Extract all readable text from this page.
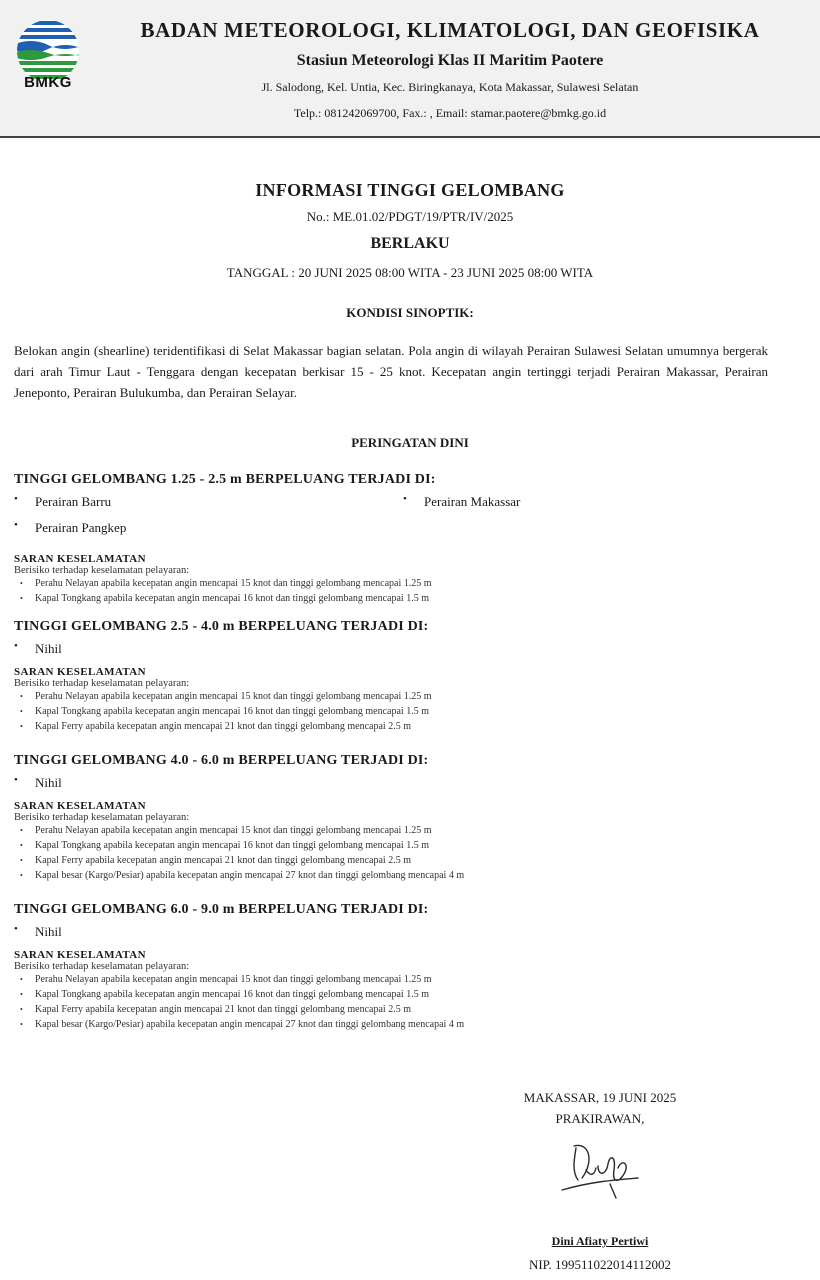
BMKG
BADAN METEOROLOGI, KLIMATOLOGI, DAN GEOFISIKA
Stasiun Meteorologi Klas II Maritim Paotere
Jl. Salodong, Kel. Untia, Kec. Biringkanaya, Kota Makassar, Sulawesi Selatan
Telp.: 081242069700, Fax.: , Email: stamar.paotere@bmkg.go.id
INFORMASI TINGGI GELOMBANG
No.: ME.01.02/PDGT/19/PTR/IV/2025
BERLAKU
TANGGAL : 20 JUNI 2025 08:00 WITA - 23 JUNI 2025 08:00 WITA
KONDISI SINOPTIK:
Belokan angin (shearline) teridentifikasi di Selat Makassar bagian selatan. Pola angin di wilayah Perairan Sulawesi Selatan umumnya bergerak dari arah Timur Laut - Tenggara dengan kecepatan berkisar 15 - 25 knot. Kecepatan angin tertinggi terjadi Perairan Makassar, Perairan Jeneponto, Perairan Bulukumba, dan Perairan Selayar.
PERINGATAN DINI
TINGGI GELOMBANG 1.25 - 2.5 m BERPELUANG TERJADI DI:
• Perairan Barru
•	Perairan Makassar
• Perairan Pangkep
SARAN KESELAMATAN
Berisiko terhadap keselamatan pelayaran:
• Perahu Nelayan apabila kecepatan angin mencapai 15 knot dan tinggi gelombang mencapai 1.25 m
• Kapal Tongkang apabila kecepatan angin mencapai 16 knot dan tinggi gelombang mencapai 1.5 m
TINGGI GELOMBANG 2.5 - 4.0 m BERPELUANG TERJADI DI:
• Nihil
SARAN KESELAMATAN
Berisiko terhadap keselamatan pelayaran:
• Perahu Nelayan apabila kecepatan angin mencapai 15 knot dan tinggi gelombang mencapai 1.25 m
• Kapal Tongkang apabila kecepatan angin mencapai 16 knot dan tinggi gelombang mencapai 1.5 m
• Kapal Ferry apabila kecepatan angin mencapai 21 knot dan tinggi gelombang mencapai 2.5 m
TINGGI GELOMBANG 4.0 - 6.0 m BERPELUANG TERJADI DI:
• Nihil
SARAN KESELAMATAN
Berisiko terhadap keselamatan pelayaran:
• Perahu Nelayan apabila kecepatan angin mencapai 15 knot dan tinggi gelombang mencapai 1.25 m
• Kapal Tongkang apabila kecepatan angin mencapai 16 knot dan tinggi gelombang mencapai 1.5 m
• Kapal Ferry apabila kecepatan angin mencapai 21 knot dan tinggi gelombang mencapai 2.5 m
• Kapal besar (Kargo/Pesiar) apabila kecepatan angin mencapai 27 knot dan tinggi gelombang mencapai 4 m
TINGGI GELOMBANG 6.0 - 9.0 m BERPELUANG TERJADI DI:
• Nihil
SARAN KESELAMATAN
Berisiko terhadap keselamatan pelayaran:
• Perahu Nelayan apabila kecepatan angin mencapai 15 knot dan tinggi gelombang mencapai 1.25 m
• Kapal Tongkang apabila kecepatan angin mencapai 16 knot dan tinggi gelombang mencapai 1.5 m
• Kapal Ferry apabila kecepatan angin mencapai 21 knot dan tinggi gelombang mencapai 2.5 m
• Kapal besar (Kargo/Pesiar) apabila kecepatan angin mencapai 27 knot dan tinggi gelombang mencapai 4 m
MAKASSAR, 19 JUNI 2025
PRAKIRAWAN,
Dini Afiaty Pertiwi
NIP. 199511022014112002
